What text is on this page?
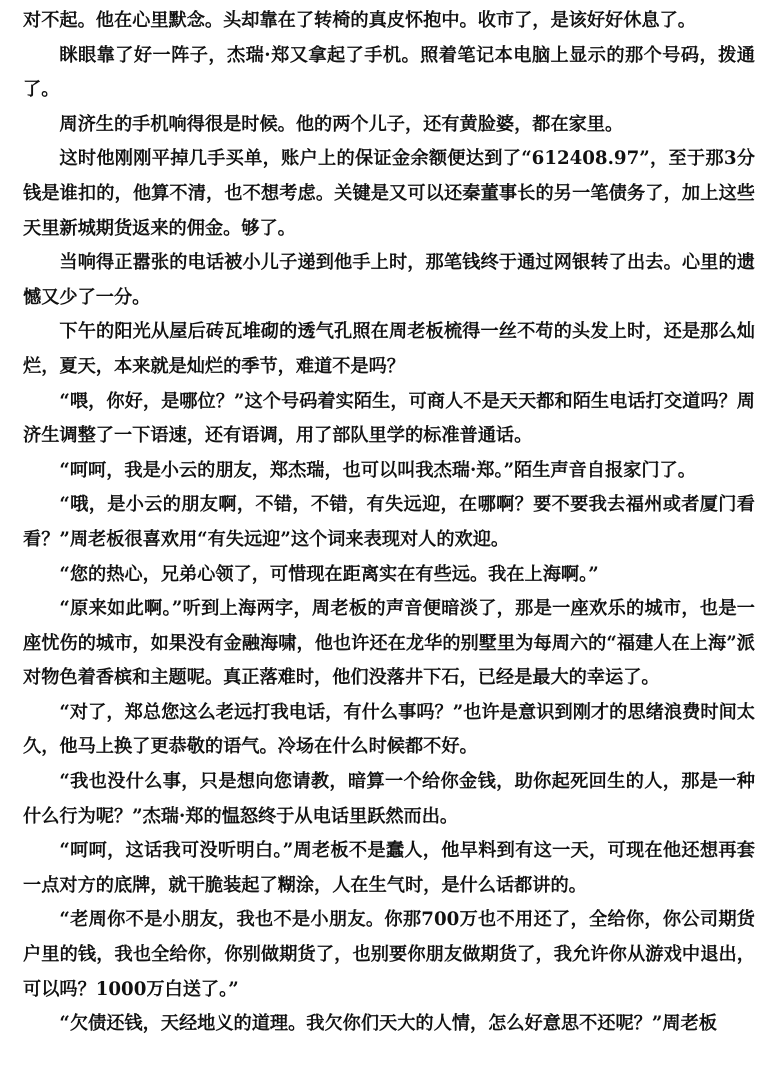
对不起。他在心里默念。头却靠在了转椅的真皮怀抱中。收市了，是该好好休息了。

眯眼靠了好一阵子，杰瑞·郑又拿起了手机。照着笔记本电脑上显示的那个号码，拨通了。

周济生的手机响得很是时候。他的两个儿子，还有黄脸婆，都在家里。

这时他刚刚平掉几手买单，账户上的保证金余额便达到了“612408.97”，至于那3分钱是谁扣的，他算不清，也不想考虑。关键是又可以还秦董事长的另一笔债务了，加上这些天里新城期货返来的佣金。够了。

当响得正嚣张的电话被小儿子递到他手上时，那笔钱终于通过网银转了出去。心里的遗憾又少了一分。

下午的阳光从屋后砖瓦堆砌的透气孔照在周老板梳得一丝不苟的头发上时，还是那么灿烂，夏天，本来就是灿烂的季节，难道不是吗？

“喂，你好，是哪位？”这个号码着实陌生，可商人不是天天都和陌生电话打交道吗？周济生调整了一下语速，还有语调，用了部队里学的标准普通话。

“呵呵，我是小云的朋友，郑杰瑞，也可以叫我杰瑞·郑。”陌生声音自报家门了。

“哦，是小云的朋友啊，不错，不错，有失远迎，在哪啊？要不要我去福州或者厦门看看？”周老板很喜欢用“有失远迎”这个词来表现对人的欢迎。

“您的热心，兄弟心领了，可惜现在距离实在有些远。我在上海啊。”

“原来如此啊。”听到上海两字，周老板的声音便暗淡了，那是一座欢乐的城市，也是一座忧伤的城市，如果没有金融海啸，他也许还在龙华的别墅里为每周六的“福建人在上海”派对物色着香槟和主题呢。真正落难时，他们没落井下石，已经是最大的幸运了。

“对了，郑总您这么老远打我电话，有什么事吗？”也许是意识到刚才的思绪浪费时间太久，他马上换了更恭敬的语气。冷场在什么时候都不好。

“我也没什么事，只是想向您请教，暗算一个给你金钱，助你起死回生的人，那是一种什么行为呢？”杰瑞·郑的愠怒终于从电话里跃然而出。

“呵呵，这话我可没听明白。”周老板不是蠢人，他早料到有这一天，可现在他还想再套一点对方的底牌，就干脆装起了糊涂，人在生气时，是什么话都讲的。

“老周你不是小朋友，我也不是小朋友。你那700万也不用还了，全给你，你公司期货户里的钱，我也全给你，你别做期货了，也别要你朋友做期货了，我允许你从游戏中退出，可以吗？1000万白送了。”

“欠债还钱，天经地义的道理。我欠你们天大的人情，怎么好意思不还呢？”周老板
